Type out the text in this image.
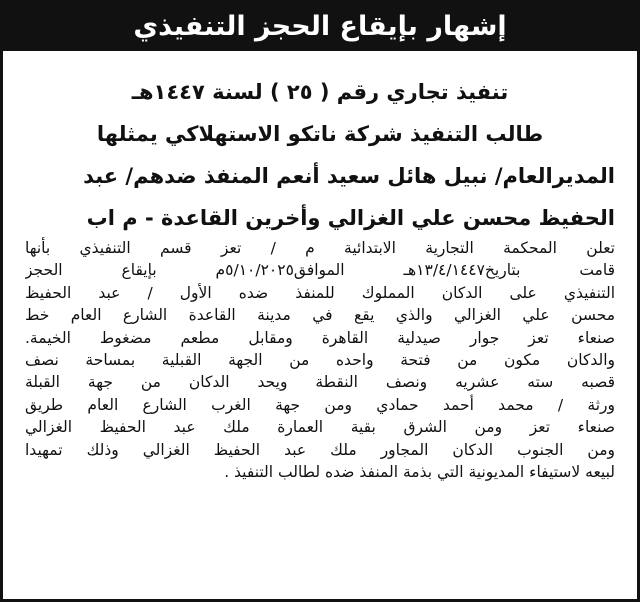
إشهار بإيقاع الحجز التنفيذي
تنفيذ تجاري رقم ( ٢٥ ) لسنة ١٤٤٧هـ
طالب التنفيذ شركة ناتكو الاستهلاكي يمثلها
المديرالعام/ نبيل هائل سعيد أنعم المنفذ ضدهم/ عبد
الحفيظ محسن علي الغزالي وأخرين القاعدة - م اب
تعلن المحكمة التجارية الابتدائية م / تعز قسم التنفيذي بأنها
قامت بتاريخ١٣/٤/١٤٤٧هـ الموافق٥/١٠/٢٠٢٥م بإيقاع الحجز
التنفيذي على الدكان المملوك للمنفذ ضده الأول / عبد الحفيظ
محسن علي الغزالي والذي يقع في مدينة القاعدة الشارع العام خط
صنعاء تعز جوار صيدلية القاهرة ومقابل مطعم مضغوط الخيمة.
والدكان مكون من فتحة واحده من الجهة القبلية بمساحة نصف
قصبه سته عشريه ونصف النقطة ويحد الدكان من جهة القبلة
ورثة / محمد أحمد حمادي ومن جهة الغرب الشارع العام طريق
صنعاء تعز ومن الشرق بقية العمارة ملك عبد الحفيظ الغزالي
ومن الجنوب الدكان المجاور ملك عبد الحفيظ الغزالي وذلك تمهيدا
لبيعه لاستيفاء المديونية التي بذمة المنفذ ضده لطالب التنفيذ .
